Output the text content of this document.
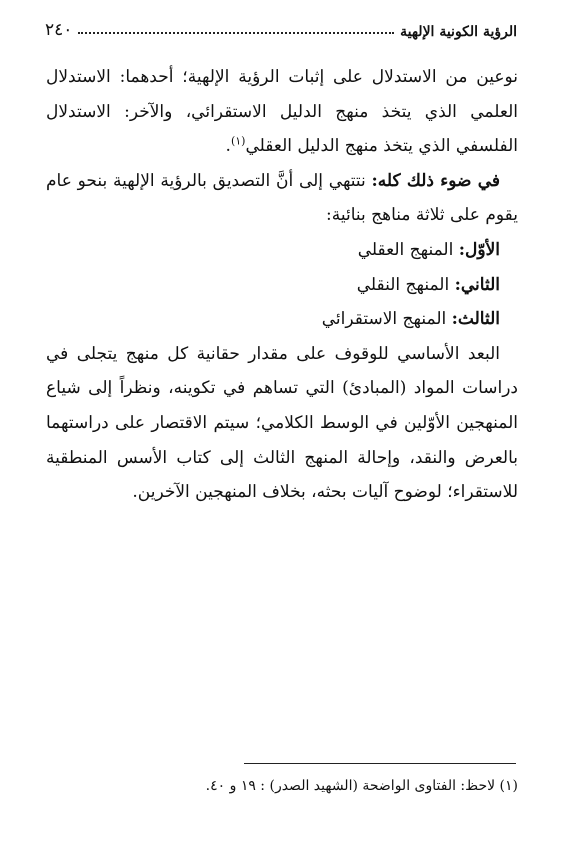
الرؤية الكونية الإلهية
٢٤٠

نوعين من الاستدلال على إثبات الرؤية الإلهية؛ أحدهما: الاستدلال العلمي الذي يتخذ منهج الدليل الاستقرائي، والآخر: الاستدلال الفلسفي الذي يتخذ منهج الدليل العقلي$^{(١)}$.

في ضوء ذلك كله: نتتهي إلى أنَّ التصديق بالرؤية الإلهية بنحو عام يقوم على ثلاثة مناهج بنائية:

الأوّل: المنهج العقلي

الثاني: المنهج النقلي

الثالث: المنهج الاستقرائي

البعد الأساسي للوقوف على مقدار حقانية كل منهج يتجلى في دراسات المواد (المبادئ) التي تساهم في تكوينه، ونظراً إلى شياع المنهجين الأوّلين في الوسط الكلامي؛ سيتم الاقتصار على دراستهما بالعرض والنقد، وإحالة المنهج الثالث إلى كتاب الأسس المنطقية للاستقراء؛ لوضوح آليات بحثه، بخلاف المنهجين الآخرين.

(١) لاحظ: الفتاوى الواضحة (الشهيد الصدر) : ١٩ و ٤٠.
